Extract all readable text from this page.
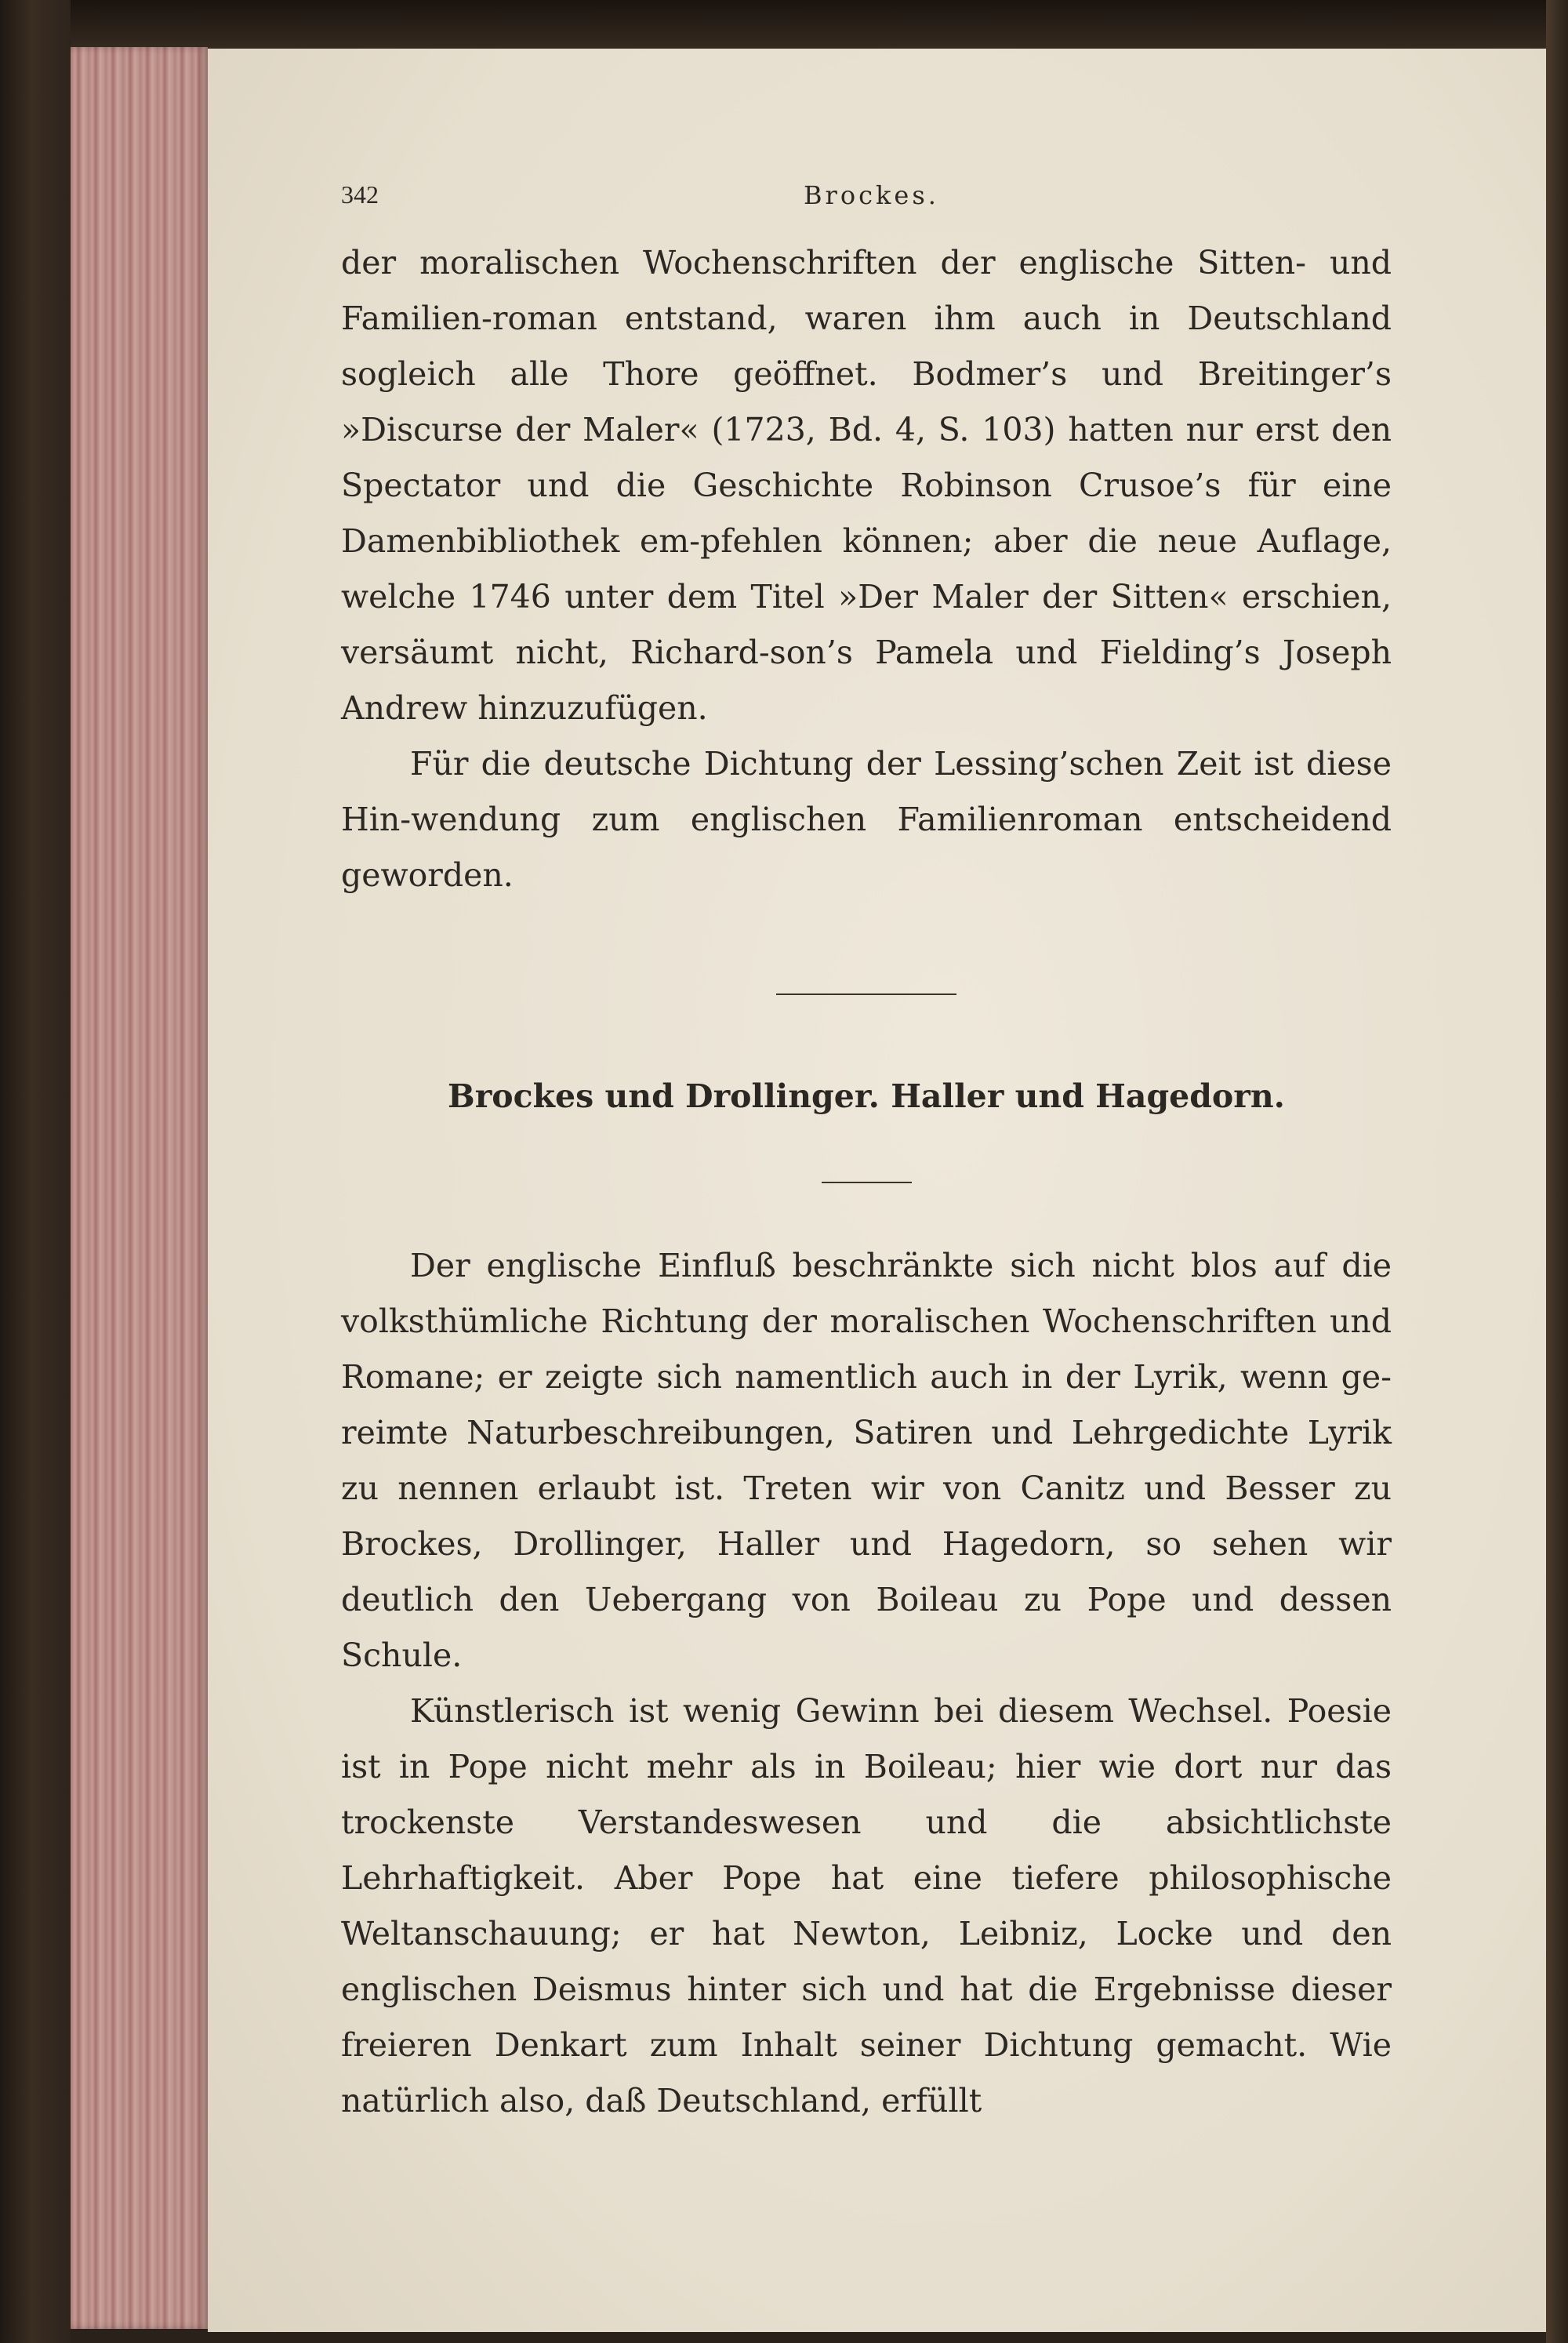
342	Brockes.

der moralischen Wochenschriften der englische Sitten- und Familien-roman entstand, waren ihm auch in Deutschland sogleich alle Thore geöffnet. Bodmer’s und Breitinger’s »Discurse der Maler« (1723, Bd. 4, S. 103) hatten nur erst den Spectator und die Geschichte Robinson Crusoe’s für eine Damenbibliothek em-pfehlen können; aber die neue Auflage, welche 1746 unter dem Titel »Der Maler der Sitten« erschien, versäumt nicht, Richard-son’s Pamela und Fielding’s Joseph Andrew hinzuzufügen.

Für die deutsche Dichtung der Lessing’schen Zeit ist diese Hin-wendung zum englischen Familienroman entscheidend geworden.

Brockes und Drollinger. Haller und Hagedorn.

Der englische Einfluß beschränkte sich nicht blos auf die volksthümliche Richtung der moralischen Wochenschriften und Romane; er zeigte sich namentlich auch in der Lyrik, wenn ge-reimte Naturbeschreibungen, Satiren und Lehrgedichte Lyrik zu nennen erlaubt ist. Treten wir von Canitz und Besser zu Brockes, Drollinger, Haller und Hagedorn, so sehen wir deutlich den Uebergang von Boileau zu Pope und dessen Schule.

Künstlerisch ist wenig Gewinn bei diesem Wechsel. Poesie ist in Pope nicht mehr als in Boileau; hier wie dort nur das trockenste Verstandeswesen und die absichtlichste Lehrhaftigkeit. Aber Pope hat eine tiefere philosophische Weltanschauung; er hat Newton, Leibniz, Locke und den englischen Deismus hinter sich und hat die Ergebnisse dieser freieren Denkart zum Inhalt seiner Dichtung gemacht. Wie natürlich also, daß Deutschland, erfüllt
